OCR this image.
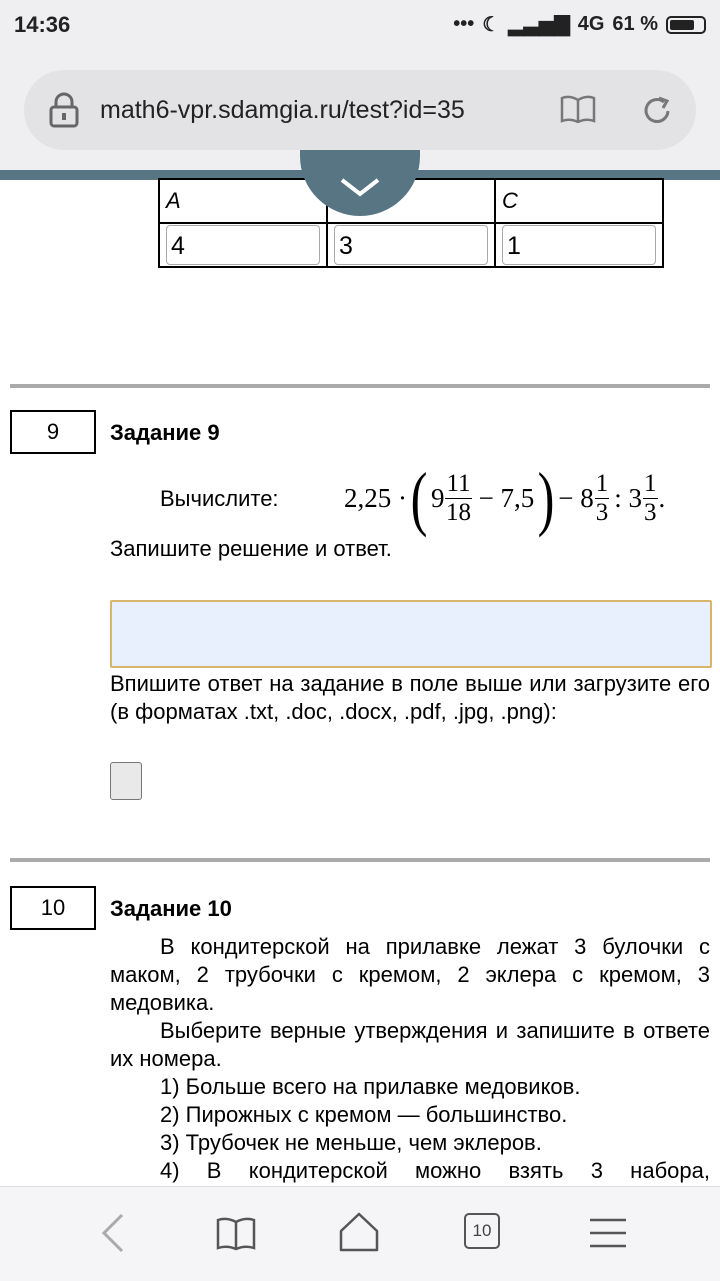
14:36	••• ☾ ▂▃▅▇ 4G 61 %
math6-vpr.sdamgia.ru/test?id=35
A		C

4	3	1
9	Задание 9
Вычислите: 2,25 · ( $9 \frac{11}{18} - 7,5$ ) − $8 \frac{1}{3}$ : $3 \frac{1}{3}$ .
Запишите решение и ответ.
Впишите ответ на задание в поле выше или загрузите его (в форматах .txt, .doc, .docx, .pdf, .jpg, .png):
10	Задание 10
В кондитерской на прилавке лежат 3 булочки с маком, 2 трубочки с кремом, 2 эклера с кремом, 3 медовика.
Выберите верные утверждения и запишите в ответе их номера.
1) Больше всего на прилавке медовиков.
2) Пирожных с кремом — большинство.
3) Трубочек не меньше, чем эклеров.
4) В кондитерской можно взять 3 набора,
10
